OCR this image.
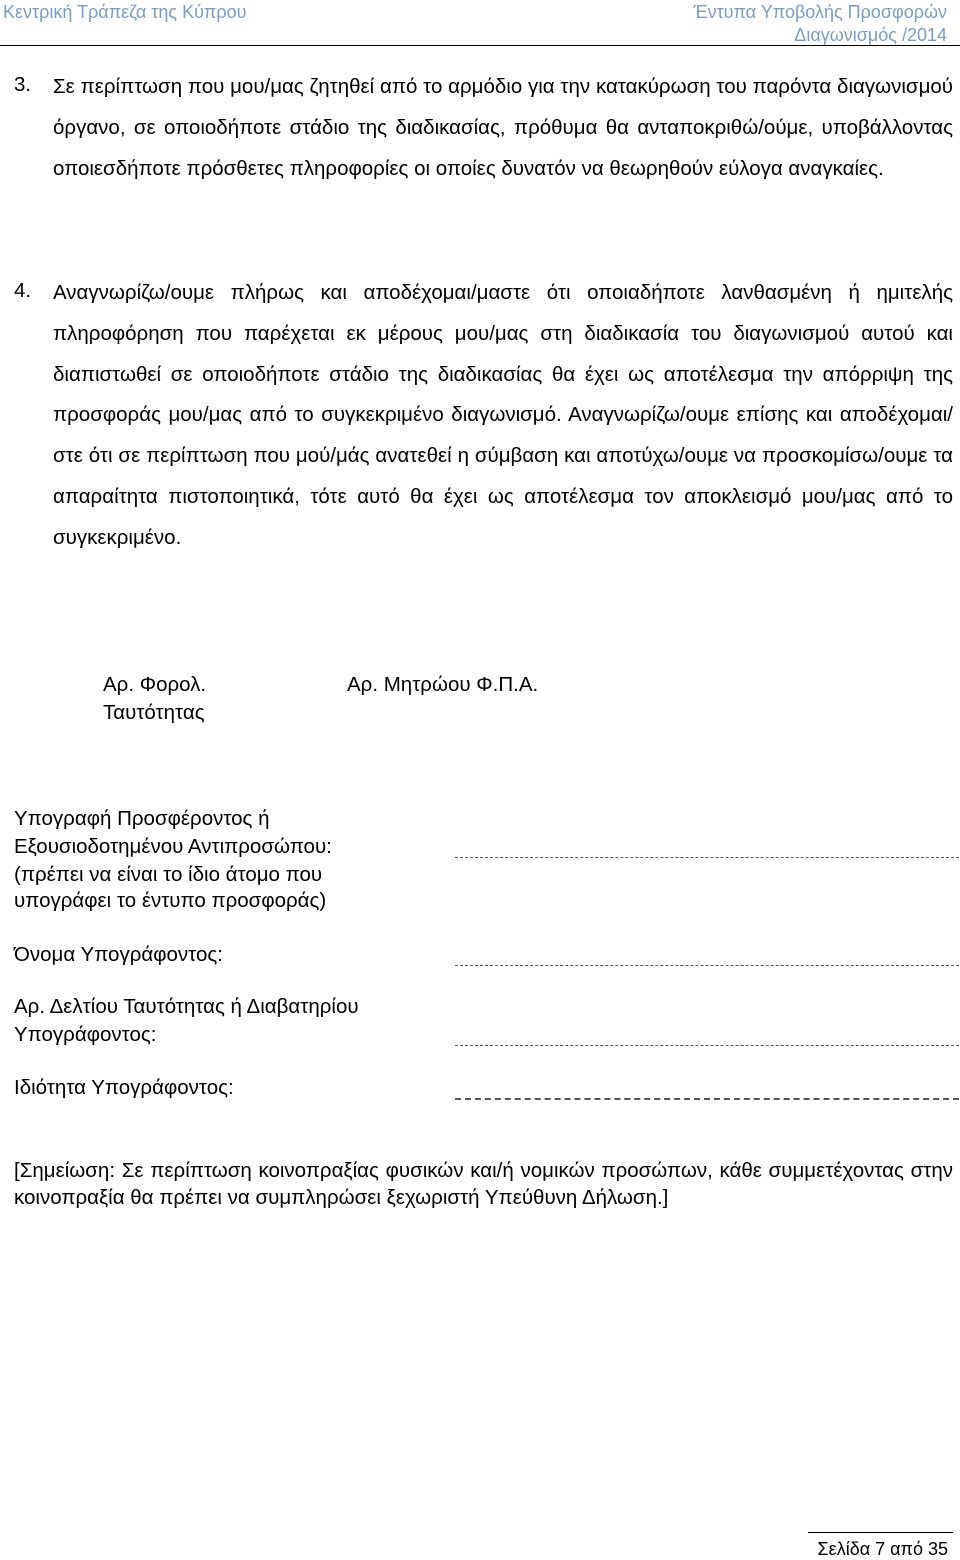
Κεντρική Τράπεζα της Κύπρου	Έντυπα Υποβολής Προσφορών
Διαγωνισμός /2014
3. Σε περίπτωση που μου/μας ζητηθεί από το αρμόδιο για την κατακύρωση του παρόντα διαγωνισμού όργανο, σε οποιοδήποτε στάδιο της διαδικασίας, πρόθυμα θα ανταποκριθώ/ούμε, υποβάλλοντας οποιεσδήποτε πρόσθετες πληροφορίες οι οποίες δυνατόν να θεωρηθούν εύλογα αναγκαίες.

4. Αναγνωρίζω/ουμε πλήρως και αποδέχομαι/μαστε ότι οποιαδήποτε λανθασμένη ή ημιτελής πληροφόρηση που παρέχεται εκ μέρους μου/μας στη διαδικασία του διαγωνισμού αυτού και διαπιστωθεί σε οποιοδήποτε στάδιο της διαδικασίας θα έχει ως αποτέλεσμα την απόρριψη της προσφοράς μου/μας από το συγκεκριμένο διαγωνισμό. Αναγνωρίζω/ουμε επίσης και αποδέχομαι/στε ότι σε περίπτωση που μού/μάς ανατεθεί η σύμβαση και αποτύχω/ουμε να προσκομίσω/ουμε τα απαραίτητα πιστοποιητικά, τότε αυτό θα έχει ως αποτέλεσμα τον αποκλεισμό μου/μας από το συγκεκριμένο.

Αρ. Φορολ.
Ταυτότητας
Αρ. Μητρώου Φ.Π.Α.
Υπογραφή Προσφέροντος ή
Εξουσιοδοτημένου Αντιπροσώπου:
(πρέπει να είναι το ίδιο άτομο που
υπογράφει το έντυπο προσφοράς)
Όνομα Υπογράφοντος:
Αρ. Δελτίου Ταυτότητας ή Διαβατηρίου
Υπογράφοντος:
Ιδιότητα Υπογράφοντος:

[Σημείωση: Σε περίπτωση κοινοπραξίας φυσικών και/ή νομικών προσώπων, κάθε συμμετέχοντας στην κοινοπραξία θα πρέπει να συμπληρώσει ξεχωριστή Υπεύθυνη Δήλωση.]

Σελίδα 7 από 35
